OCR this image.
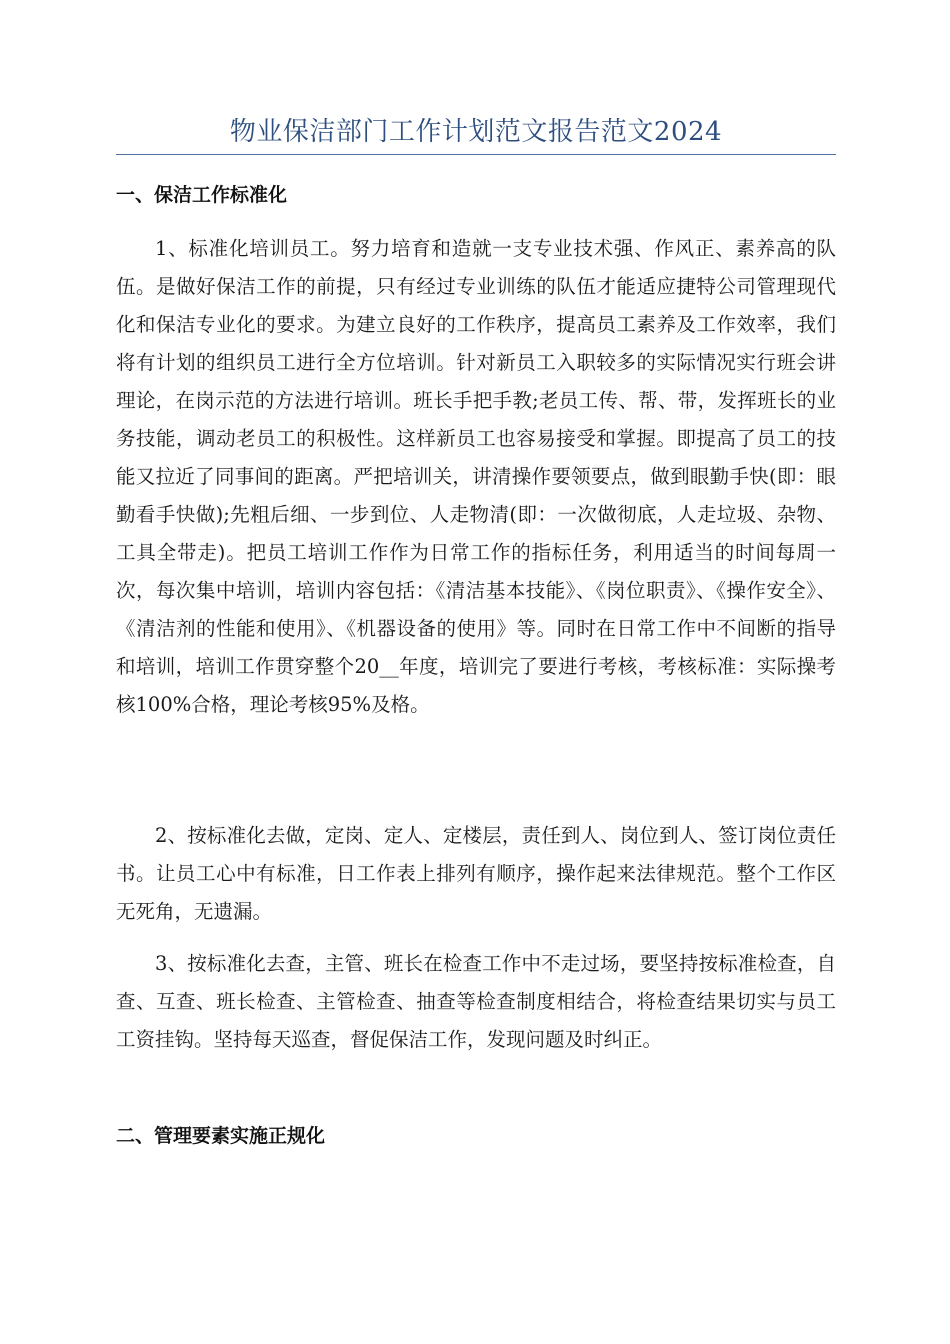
物业保洁部门工作计划范文报告范文2024
一、保洁工作标准化
1、标准化培训员工。努力培育和造就一支专业技术强、作风正、素养高的队伍。是做好保洁工作的前提，只有经过专业训练的队伍才能适应捷特公司管理现代化和保洁专业化的要求。为建立良好的工作秩序，提高员工素养及工作效率，我们将有计划的组织员工进行全方位培训。针对新员工入职较多的实际情况实行班会讲理论，在岗示范的方法进行培训。班长手把手教;老员工传、帮、带，发挥班长的业务技能，调动老员工的积极性。这样新员工也容易接受和掌握。即提高了员工的技能又拉近了同事间的距离。严把培训关，讲清操作要领要点，做到眼勤手快(即：眼勤看手快做);先粗后细、一步到位、人走物清(即：一次做彻底，人走垃圾、杂物、工具全带走)。把员工培训工作作为日常工作的指标任务，利用适当的时间每周一次，每次集中培训，培训内容包括：《清洁基本技能》、《岗位职责》、《操作安全》、《清洁剂的性能和使用》、《机器设备的使用》等。同时在日常工作中不间断的指导和培训，培训工作贯穿整个20__年度，培训完了要进行考核，考核标准：实际操考核100%合格，理论考核95%及格。
2、按标准化去做，定岗、定人、定楼层，责任到人、岗位到人、签订岗位责任书。让员工心中有标准，日工作表上排列有顺序，操作起来法律规范。整个工作区无死角，无遗漏。
3、按标准化去查，主管、班长在检查工作中不走过场，要坚持按标准检查，自查、互查、班长检查、主管检查、抽查等检查制度相结合，将检查结果切实与员工工资挂钩。坚持每天巡查，督促保洁工作，发现问题及时纠正。
二、管理要素实施正规化
